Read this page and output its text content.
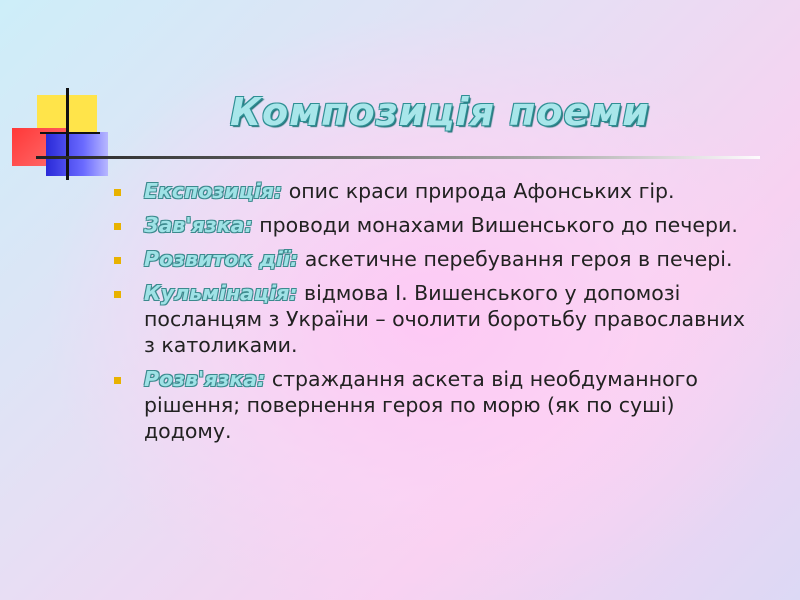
Композиція поеми
Експозиція: опис краси природа Афонських гір.
Зав'язка: проводи монахами Вишенського до печери.
Розвиток дії: аскетичне перебування героя в печері.
Кульмінація: відмова І. Вишенського у допомозі посланцям з України – очолити боротьбу православних з католиками.
Розв'язка: страждання аскета від необдуманного рішення; повернення героя по морю (як по суші) додому.
